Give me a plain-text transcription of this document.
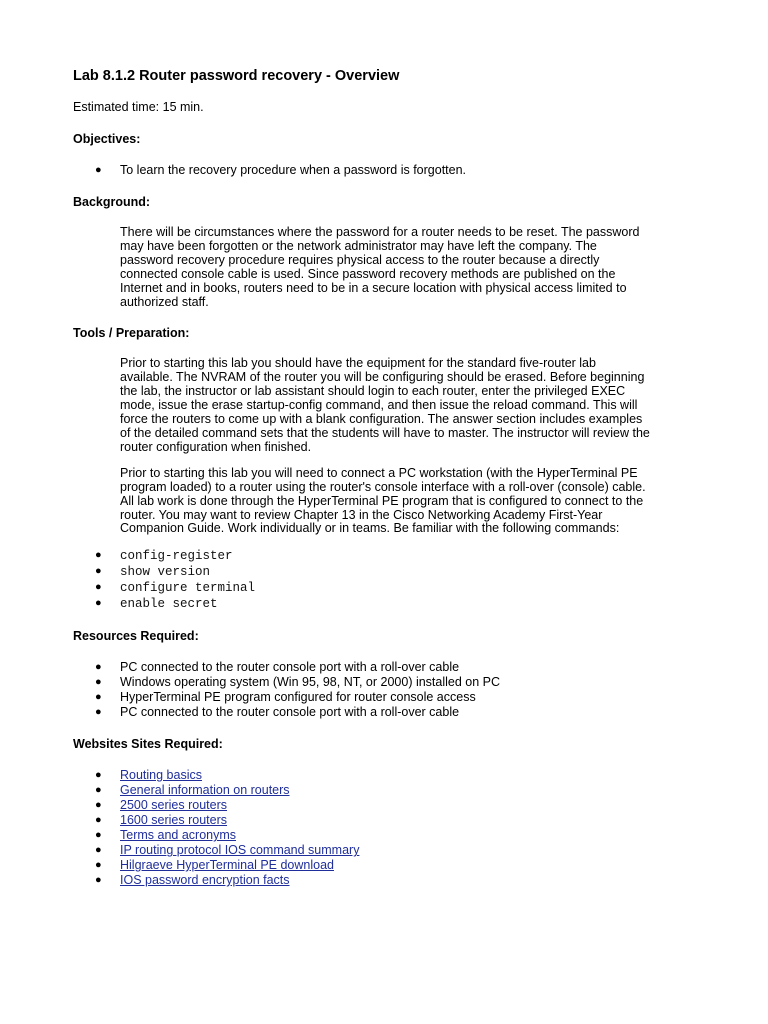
Lab 8.1.2 Router password recovery - Overview
Estimated time: 15 min.
Objectives:
● To learn the recovery procedure when a password is forgotten.
Background:
There will be circumstances where the password for a router needs to be reset. The password may have been forgotten or the network administrator may have left the company. The password recovery procedure requires physical access to the router because a directly connected console cable is used. Since password recovery methods are published on the Internet and in books, routers need to be in a secure location with physical access limited to authorized staff.
Tools / Preparation:
Prior to starting this lab you should have the equipment for the standard five-router lab available. The NVRAM of the router you will be configuring should be erased. Before beginning the lab, the instructor or lab assistant should login to each router, enter the privileged EXEC mode, issue the erase startup-config command, and then issue the reload command. This will force the routers to come up with a blank configuration. The answer section includes examples of the detailed command sets that the students will have to master. The instructor will review the router configuration when finished.
Prior to starting this lab you will need to connect a PC workstation (with the HyperTerminal PE program loaded) to a router using the router's console interface with a roll-over (console) cable. All lab work is done through the HyperTerminal PE program that is configured to connect to the router. You may want to review Chapter 13 in the Cisco Networking Academy First-Year Companion Guide. Work individually or in teams. Be familiar with the following commands:
● config-register
● show version
● configure terminal
● enable secret
Resources Required:
● PC connected to the router console port with a roll-over cable
● Windows operating system (Win 95, 98, NT, or 2000) installed on PC
● HyperTerminal PE program configured for router console access
● PC connected to the router console port with a roll-over cable
Websites Sites Required:
● Routing basics
● General information on routers
● 2500 series routers
● 1600 series routers
● Terms and acronyms
● IP routing protocol IOS command summary
● Hilgraeve HyperTerminal PE download
● IOS password encryption facts
